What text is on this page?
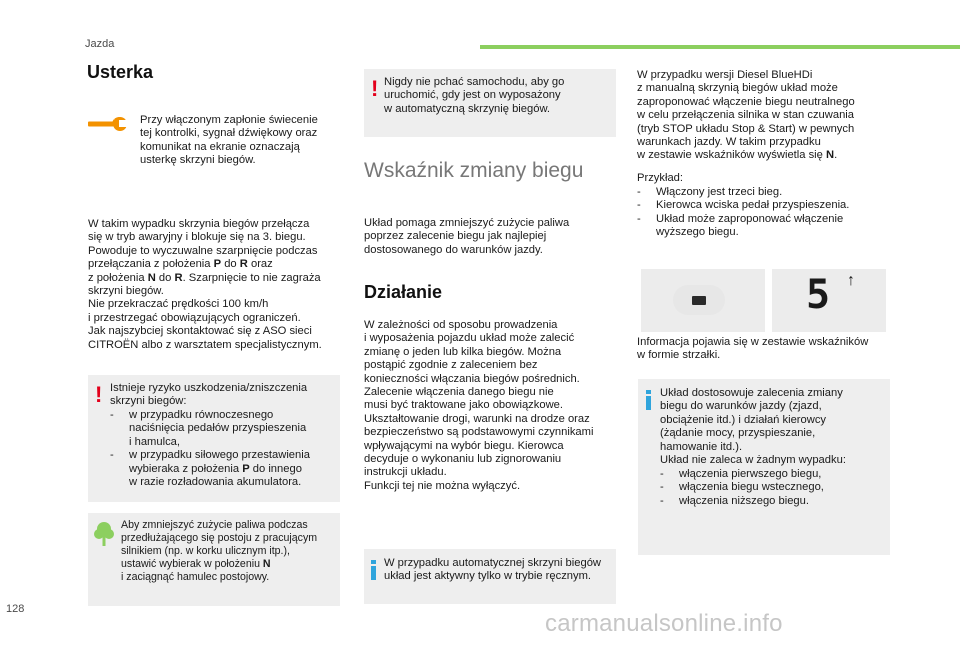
Jazda
128
carmanualsonline.info
Usterka
Przy włączonym zapłonie świecenie
tej kontrolki, sygnał dźwiękowy oraz
komunikat na ekranie oznaczają
usterkę skrzyni biegów.
W takim wypadku skrzynia biegów przełącza
się w tryb awaryjny i blokuje się na 3. biegu.
Powoduje to wyczuwalne szarpnięcie podczas
przełączania z położenia P do R oraz
z położenia N do R. Szarpnięcie to nie zagraża
skrzyni biegów.
Nie przekraczać prędkości 100 km/h
i przestrzegać obowiązujących ograniczeń.
Jak najszybciej skontaktować się z ASO sieci
CITROËN albo z warsztatem specjalistycznym.
! Istnieje ryzyko uszkodzenia/zniszczenia
skrzyni biegów:
- w przypadku równoczesnego
naciśnięcia pedałów przyspieszenia
i hamulca,
- w przypadku siłowego przestawienia
wybieraka z położenia P do innego
w razie rozładowania akumulatora.
Aby zmniejszyć zużycie paliwa podczas
przedłużającego się postoju z pracującym
silnikiem (np. w korku ulicznym itp.),
ustawić wybierak w położeniu N
i zaciągnąć hamulec postojowy.
! Nigdy nie pchać samochodu, aby go
uruchomić, gdy jest on wyposażony
w automatyczną skrzynię biegów.
Wskaźnik zmiany biegu
Układ pomaga zmniejszyć zużycie paliwa
poprzez zalecenie biegu jak najlepiej
dostosowanego do warunków jazdy.
Działanie
W zależności od sposobu prowadzenia
i wyposażenia pojazdu układ może zalecić
zmianę o jeden lub kilka biegów. Można
postąpić zgodnie z zaleceniem bez
konieczności włączania biegów pośrednich.
Zalecenie włączenia danego biegu nie
musi być traktowane jako obowiązkowe.
Ukształtowanie drogi, warunki na drodze oraz
bezpieczeństwo są podstawowymi czynnikami
wpływającymi na wybór biegu. Kierowca
decyduje o wykonaniu lub zignorowaniu
instrukcji układu.
Funkcji tej nie można wyłączyć.
W przypadku automatycznej skrzyni biegów
układ jest aktywny tylko w trybie ręcznym.
W przypadku wersji Diesel BlueHDi
z manualną skrzynią biegów układ może
zaproponować włączenie biegu neutralnego
w celu przełączenia silnika w stan czuwania
(tryb STOP układu Stop & Start) w pewnych
warunkach jazdy. W takim przypadku
w zestawie wskaźników wyświetla się N.
Przykład:
- Włączony jest trzeci bieg.
- Kierowca wciska pedał przyspieszenia.
- Układ może zaproponować włączenie
wyższego biegu.
5 ↑
Informacja pojawia się w zestawie wskaźników
w formie strzałki.
Układ dostosowuje zalecenia zmiany
biegu do warunków jazdy (zjazd,
obciążenie itd.) i działań kierowcy
(żądanie mocy, przyspieszanie,
hamowanie itd.).
Układ nie zaleca w żadnym wypadku:
- włączenia pierwszego biegu,
- włączenia biegu wstecznego,
- włączenia niższego biegu.
